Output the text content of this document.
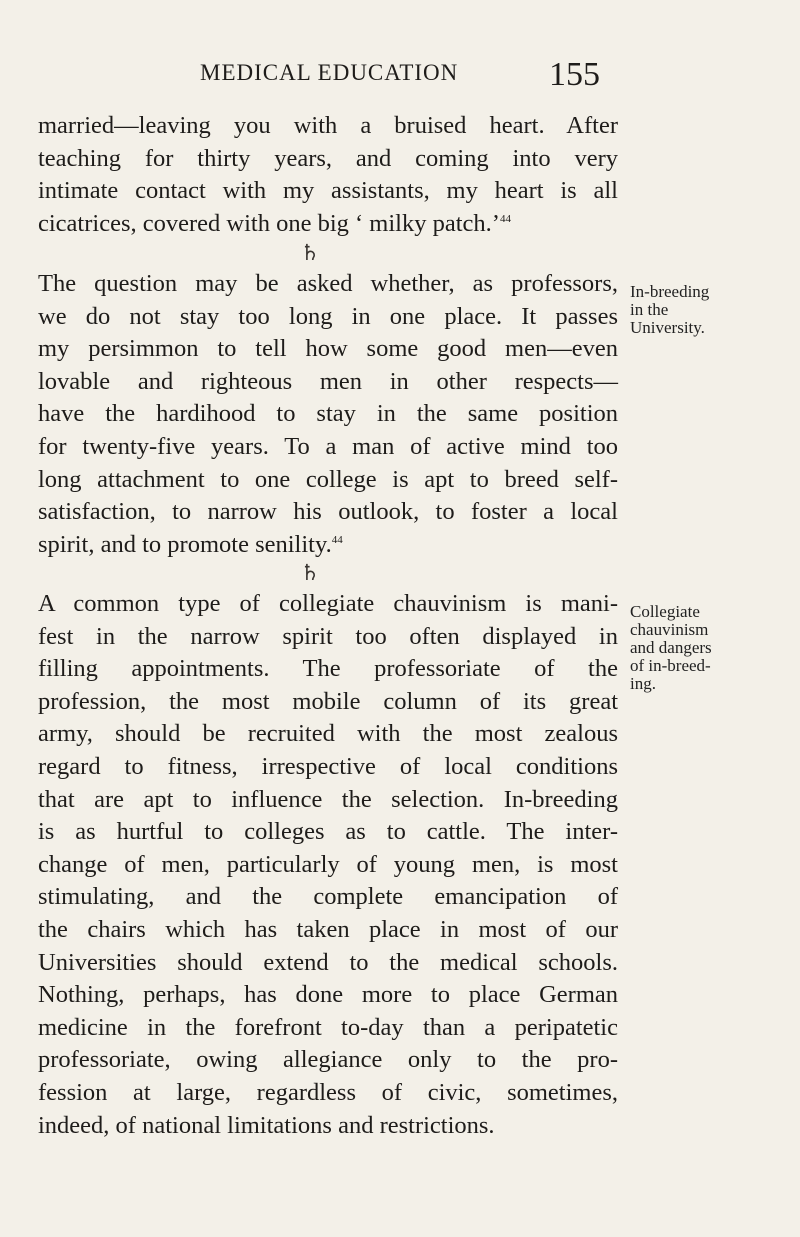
MEDICAL EDUCATION	155
married—leaving you with a bruised heart. After
teaching for thirty years, and coming into very
intimate contact with my assistants, my heart is all
cicatrices, covered with one big ‘ milky patch.’$^{44}$
♄
The question may be asked whether, as professors,
we do not stay too long in one place. It passes
my persimmon to tell how some good men—even
lovable and righteous men in other respects—
have the hardihood to stay in the same position
for twenty-five years. To a man of active mind too
long attachment to one college is apt to breed self-
satisfaction, to narrow his outlook, to foster a local
spirit, and to promote senility.$^{44}$
♄
A common type of collegiate chauvinism is mani-
fest in the narrow spirit too often displayed in
filling appointments. The professoriate of the
profession, the most mobile column of its great
army, should be recruited with the most zealous
regard to fitness, irrespective of local conditions
that are apt to influence the selection. In-breeding
is as hurtful to colleges as to cattle. The inter-
change of men, particularly of young men, is most
stimulating, and the complete emancipation of
the chairs which has taken place in most of our
Universities should extend to the medical schools.
Nothing, perhaps, has done more to place German
medicine in the forefront to-day than a peripatetic
professoriate, owing allegiance only to the pro-
fession at large, regardless of civic, sometimes,
indeed, of national limitations and restrictions.
In-breeding
in the
University.
Collegiate
chauvinism
and dangers
of in-breed-
ing.
